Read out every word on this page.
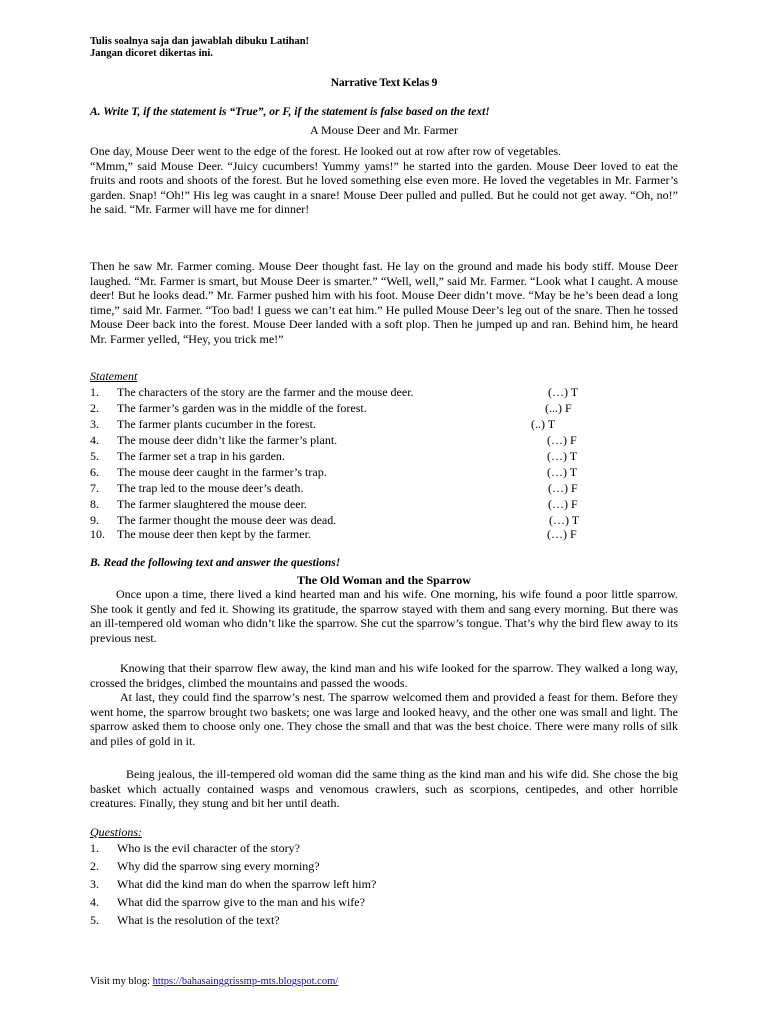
Tulis soalnya saja dan jawablah dibuku Latihan!
Jangan dicoret dikertas ini.
Narrative Text Kelas 9
A. Write T, if the statement is “True”, or F, if the statement is false based on the text!
A Mouse Deer and Mr. Farmer
One day, Mouse Deer went to the edge of the forest. He looked out at row after row of vegetables.
“Mmm,” said Mouse Deer. “Juicy cucumbers! Yummy yams!” he started into the garden. Mouse Deer loved to eat the fruits and roots and shoots of the forest. But he loved something else even more. He loved the vegetables in Mr. Farmer’s garden. Snap! “Oh!” His leg was caught in a snare! Mouse Deer pulled and pulled. But he could not get away. “Oh, no!” he said. “Mr. Farmer will have me for dinner!
Then he saw Mr. Farmer coming. Mouse Deer thought fast. He lay on the ground and made his body stiff. Mouse Deer laughed. “Mr. Farmer is smart, but Mouse Deer is smarter.” “Well, well,” said Mr. Farmer. “Look what I caught. A mouse deer! But he looks dead.” Mr. Farmer pushed him with his foot. Mouse Deer didn’t move. “May be he’s been dead a long time,” said Mr. Farmer. “Too bad! I guess we can’t eat him.” He pulled Mouse Deer’s leg out of the snare. Then he tossed Mouse Deer back into the forest. Mouse Deer landed with a soft plop. Then he jumped up and ran. Behind him, he heard Mr. Farmer yelled, “Hey, you trick me!”
Statement
1. The characters of the story are the farmer and the mouse deer.	(…) T
2. The farmer’s garden was in the middle of the forest.	(...) F
3. The farmer plants cucumber in the forest.	(..) T
4. The mouse deer didn’t like the farmer’s plant.	(…) F
5. The farmer set a trap in his garden.	(…) T
6. The mouse deer caught in the farmer’s trap.	(…) T
7. The trap led to the mouse deer’s death.	(…) F
8. The farmer slaughtered the mouse deer.	(…) F
9. The farmer thought the mouse deer was dead.	(…) T
10. The mouse deer then kept by the farmer.	(…) F
B. Read the following text and answer the questions!
The Old Woman and the Sparrow
Once upon a time, there lived a kind hearted man and his wife. One morning, his wife found a poor little sparrow. She took it gently and fed it. Showing its gratitude, the sparrow stayed with them and sang every morning. But there was an ill-tempered old woman who didn’t like the sparrow. She cut the sparrow’s tongue. That’s why the bird flew away to its previous nest.
Knowing that their sparrow flew away, the kind man and his wife looked for the sparrow. They walked a long way, crossed the bridges, climbed the mountains and passed the woods.
At last, they could find the sparrow’s nest. The sparrow welcomed them and provided a feast for them. Before they went home, the sparrow brought two baskets; one was large and looked heavy, and the other one was small and light. The sparrow asked them to choose only one. They chose the small and that was the best choice. There were many rolls of silk and piles of gold in it.
Being jealous, the ill-tempered old woman did the same thing as the kind man and his wife did. She chose the big basket which actually contained wasps and venomous crawlers, such as scorpions, centipedes, and other horrible creatures. Finally, they stung and bit her until death.
Questions:
1. Who is the evil character of the story?
2. Why did the sparrow sing every morning?
3. What did the kind man do when the sparrow left him?
4. What did the sparrow give to the man and his wife?
5. What is the resolution of the text?
Visit my blog: https://bahasainggrissmp-mts.blogspot.com/
